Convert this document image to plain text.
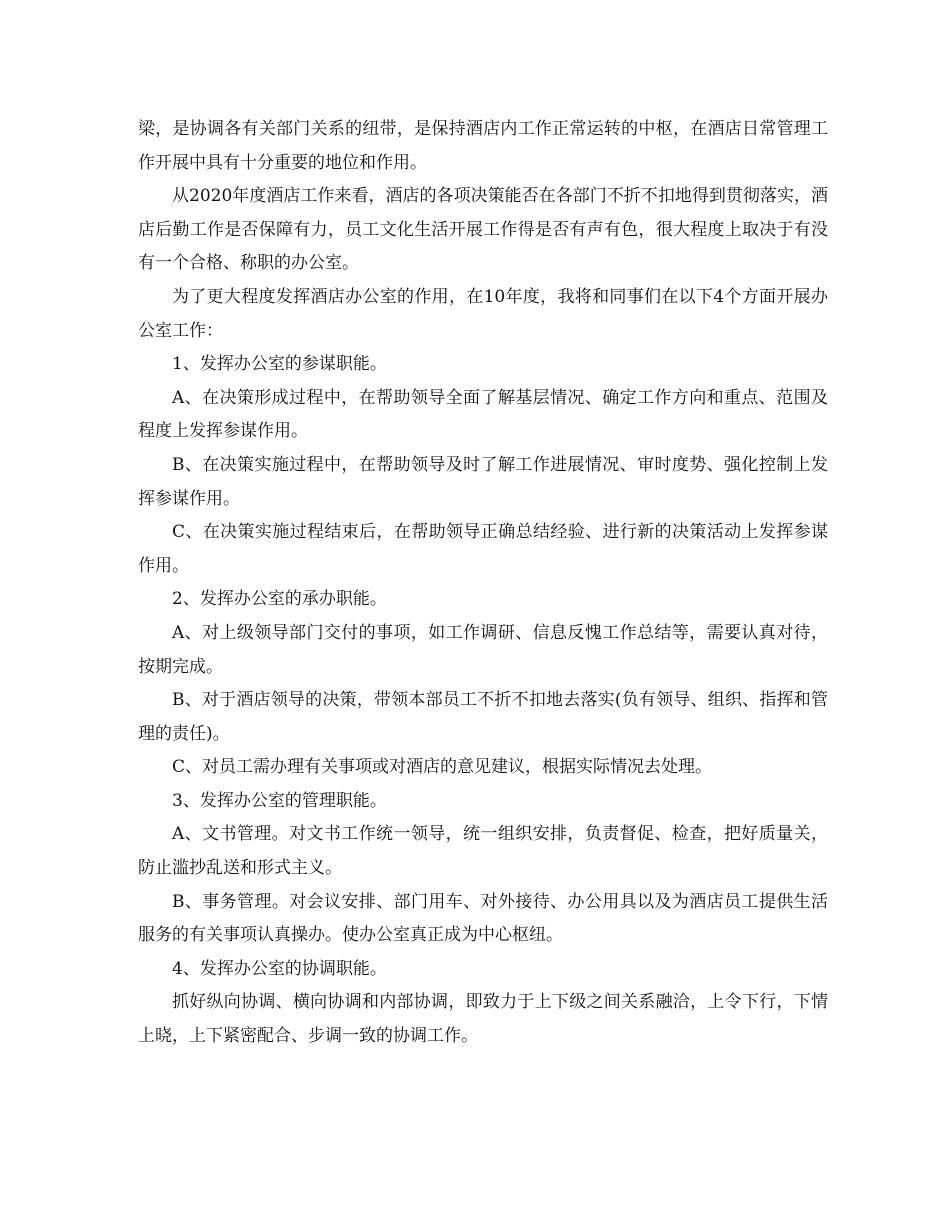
梁，是协调各有关部门关系的纽带，是保持酒店内工作正常运转的中枢，在酒店日常管理工作开展中具有十分重要的地位和作用。

从2020年度酒店工作来看，酒店的各项决策能否在各部门不折不扣地得到贯彻落实，酒店后勤工作是否保障有力，员工文化生活开展工作得是否有声有色，很大程度上取决于有没有一个合格、称职的办公室。

为了更大程度发挥酒店办公室的作用，在10年度，我将和同事们在以下4个方面开展办公室工作：

1、发挥办公室的参谋职能。

A、在决策形成过程中，在帮助领导全面了解基层情况、确定工作方向和重点、范围及程度上发挥参谋作用。

B、在决策实施过程中，在帮助领导及时了解工作进展情况、审时度势、强化控制上发挥参谋作用。

C、在决策实施过程结束后，在帮助领导正确总结经验、进行新的决策活动上发挥参谋作用。

2、发挥办公室的承办职能。

A、对上级领导部门交付的事项，如工作调研、信息反愧工作总结等，需要认真对待，按期完成。

B、对于酒店领导的决策，带领本部员工不折不扣地去落实(负有领导、组织、指挥和管理的责任)。

C、对员工需办理有关事项或对酒店的意见建议，根据实际情况去处理。

3、发挥办公室的管理职能。

A、文书管理。对文书工作统一领导，统一组织安排，负责督促、检查，把好质量关，防止滥抄乱送和形式主义。

B、事务管理。对会议安排、部门用车、对外接待、办公用具以及为酒店员工提供生活服务的有关事项认真操办。使办公室真正成为中心枢纽。

4、发挥办公室的协调职能。

抓好纵向协调、横向协调和内部协调，即致力于上下级之间关系融洽，上令下行，下情上晓，上下紧密配合、步调一致的协调工作。
